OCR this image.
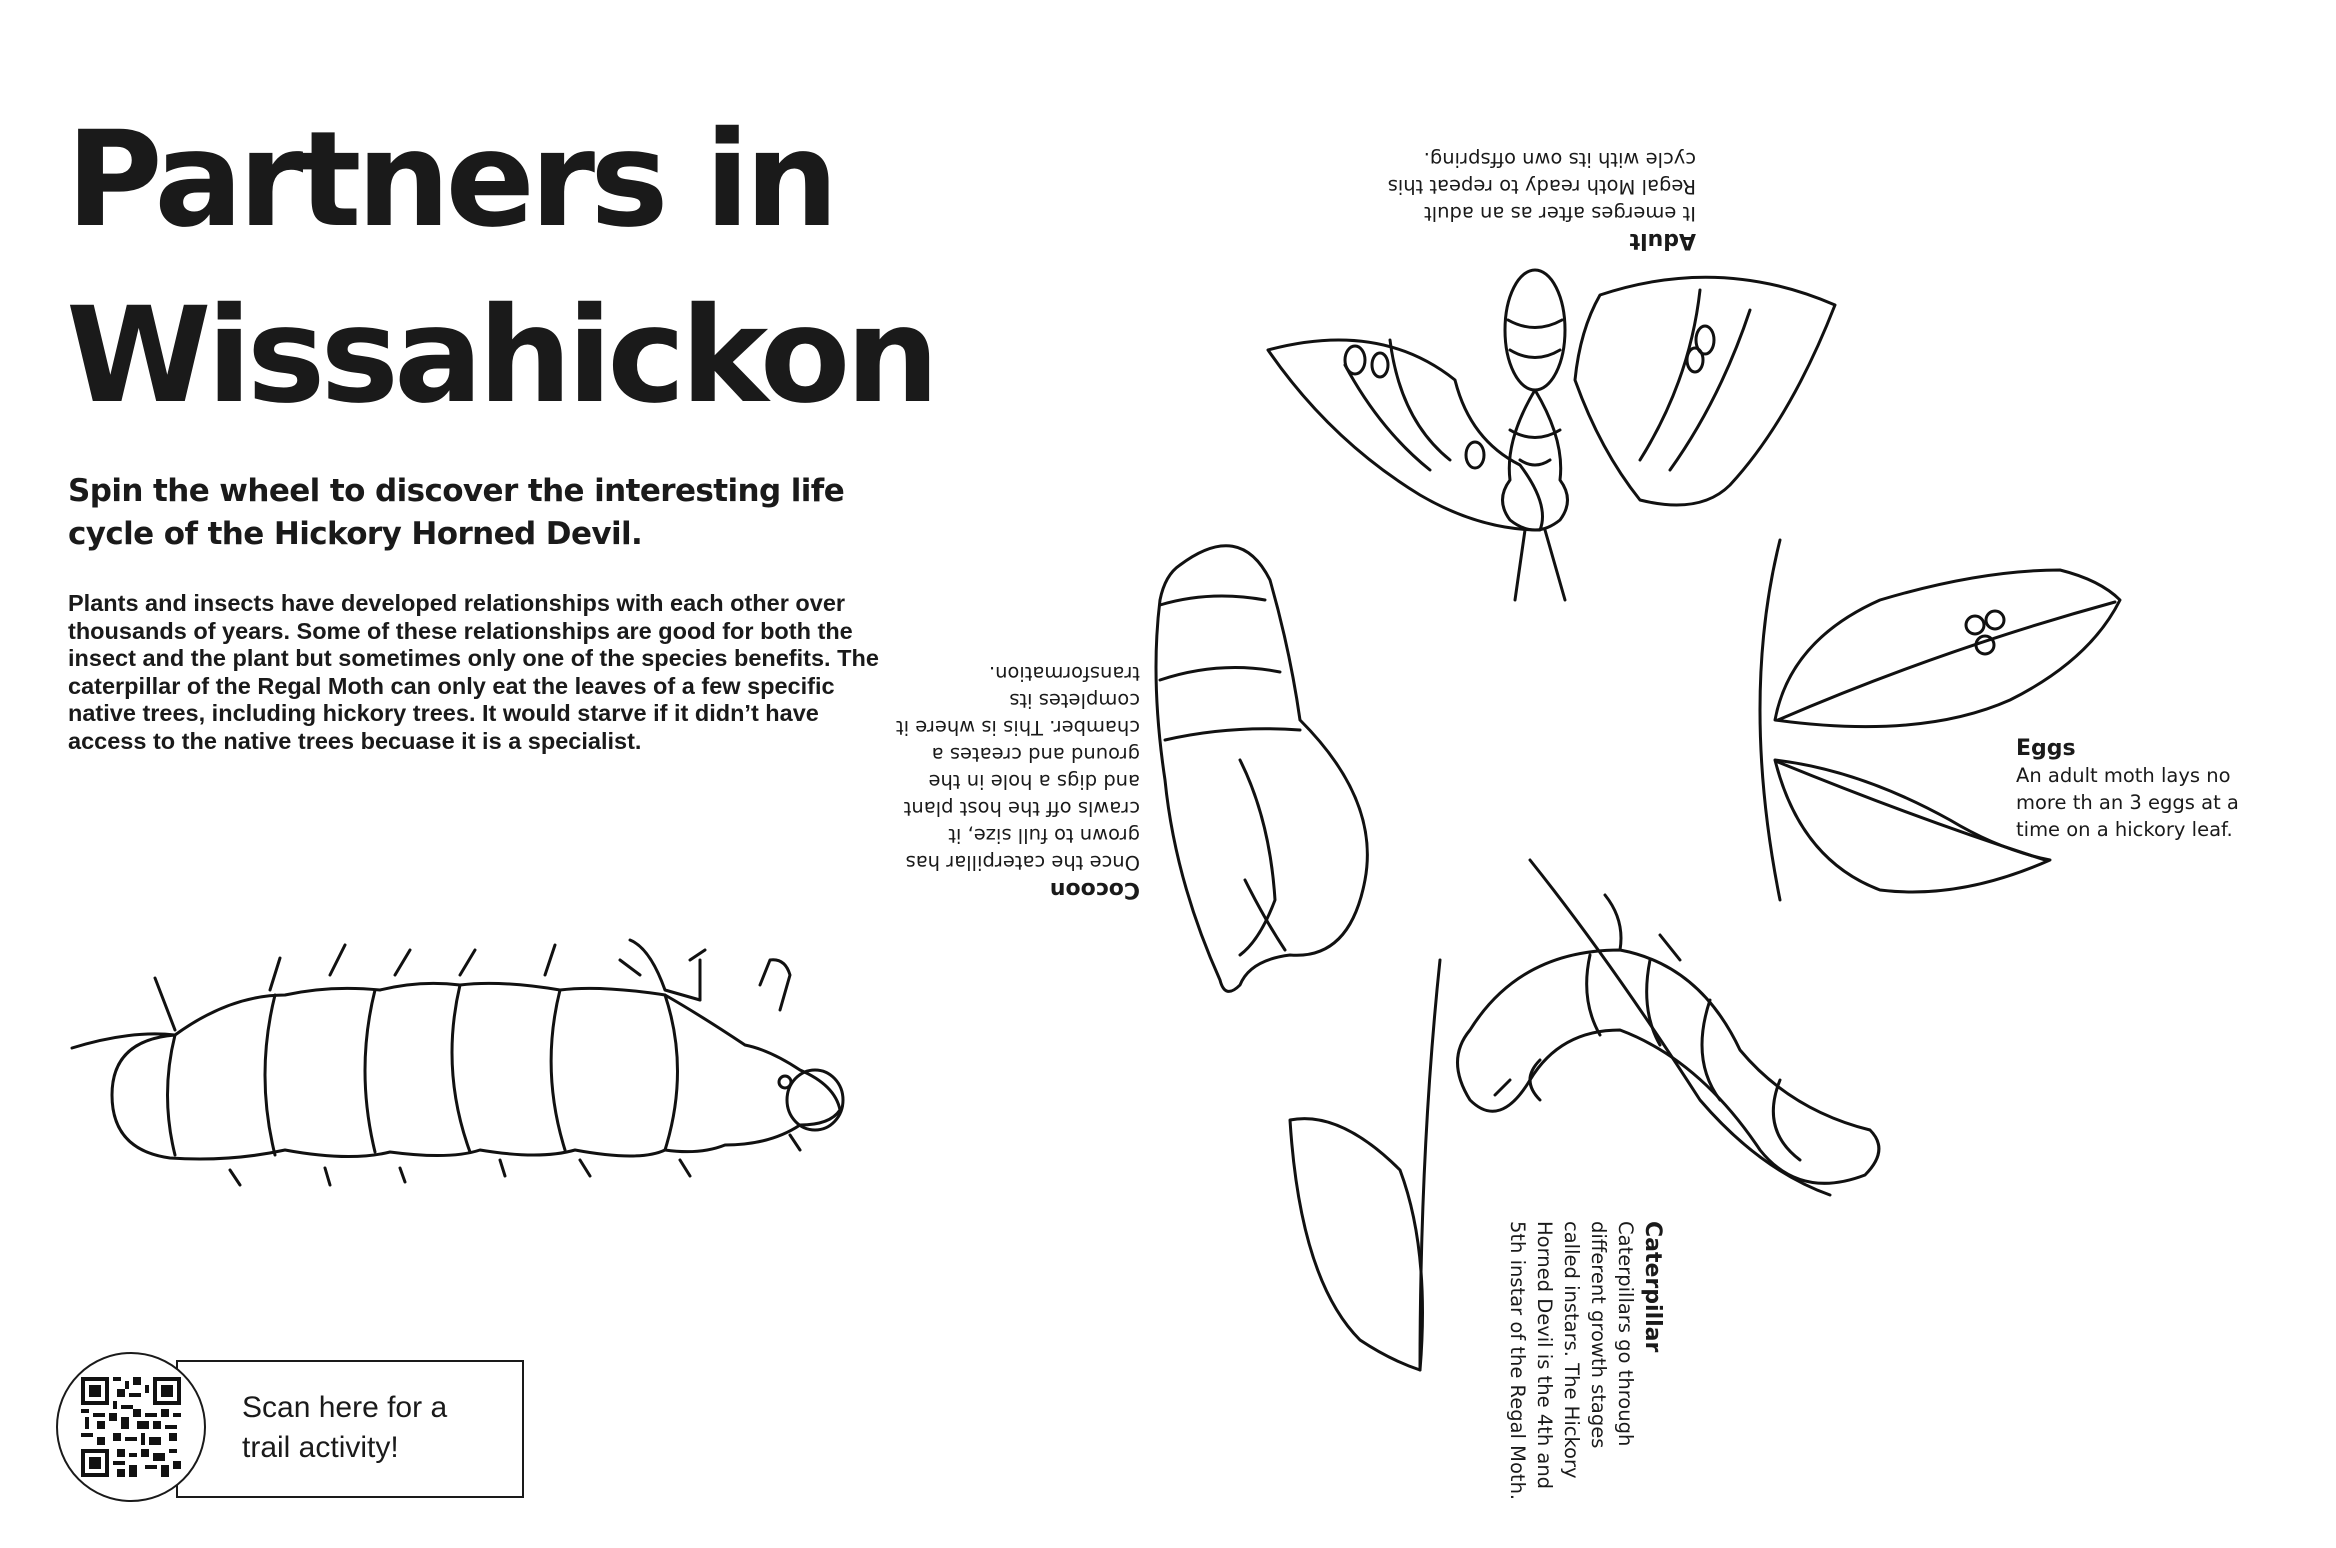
Partners in
Wissahickon

Spin the wheel to discover the interesting life cycle of the Hickory Horned Devil.

Plants and insects have developed relationships with each other over thousands of years. Some of these relationships are good for both the insect and the plant but sometimes only one of the species benefits. The caterpillar of the Regal Moth can only eat the leaves of a few specific native trees, including hickory trees. It would starve if it didn’t have access to the native trees becuase it is a specialist.	Eggs
An adult moth lays no more th an 3 eggs at a time on a hickory leaf.
Adult
It emerges after as an adult Regal Moth ready to repeat this cycle with its own offspring.
Cocoon
Once the caterpillar has grown to full size, it crawls off the host plant and digs a hole in the ground and creates a chamber. This is where it completes its transformation.
Caterpillar
Caterpillars go through different growth stages called instars. The Hickory Horned Devil is the 4th and 5th instar of the Regal Moth.
Scan here for a trail activity!
